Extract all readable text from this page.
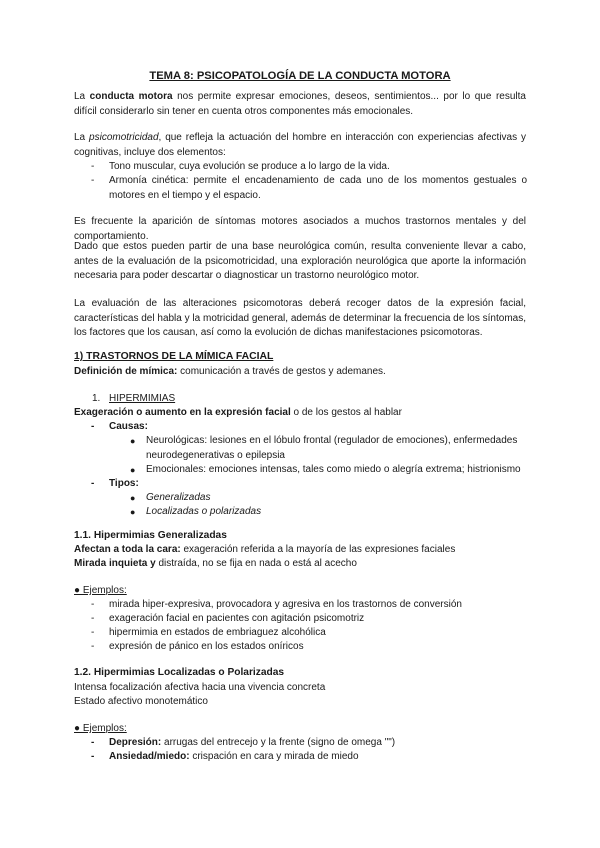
TEMA 8: PSICOPATOLOGÍA DE LA CONDUCTA MOTORA

La conducta motora nos permite expresar emociones, deseos, sentimientos... por lo que resulta difícil considerarlo sin tener en cuenta otros componentes más emocionales.

La psicomotricidad, que refleja la actuación del hombre en interacción con experiencias afectivas y cognitivas, incluye dos elementos:

- Tono muscular, cuya evolución se produce a lo largo de la vida.
- Armonía cinética: permite el encadenamiento de cada uno de los momentos gestuales o motores en el tiempo y el espacio.

Es frecuente la aparición de síntomas motores asociados a muchos trastornos mentales y del comportamiento.

Dado que estos pueden partir de una base neurológica común, resulta conveniente llevar a cabo, antes de la evaluación de la psicomotricidad, una exploración neurológica que aporte la información necesaria para poder descartar o diagnosticar un trastorno neurológico motor.

La evaluación de las alteraciones psicomotoras deberá recoger datos de la expresión facial, características del habla y la motricidad general, además de determinar la frecuencia de los síntomas, los factores que los causan, así como la evolución de dichas manifestaciones psicomotoras.

1) TRASTORNOS DE LA MÍMICA FACIAL
Definición de mímica: comunicación a través de gestos y ademanes.
1. HIPERMIMIAS
Exageración o aumento en la expresión facial o de los gestos al hablar
- Causas:
● Neurológicas: lesiones en el lóbulo frontal (regulador de emociones), enfermedades neurodegenerativas o epilepsia
● Emocionales: emociones intensas, tales como miedo o alegría extrema; histrionismo
- Tipos:
● Generalizadas
● Localizadas o polarizadas
1.1. Hipermimias Generalizadas
Afectan a toda la cara: exageración referida a la mayoría de las expresiones faciales
Mirada inquieta y distraída, no se fija en nada o está al acecho
● Ejemplos:
- mirada hiper-expresiva, provocadora y agresiva en los trastornos de conversión
- exageración facial en pacientes con agitación psicomotriz
- hipermimia en estados de embriaguez alcohólica
- expresión de pánico en los estados oníricos
1.2. Hipermimias Localizadas o Polarizadas
Intensa focalización afectiva hacia una vivencia concreta
Estado afectivo monotemático
● Ejemplos:
- Depresión: arrugas del entrecejo y la frente (signo de omega "")
- Ansiedad/miedo: crispación en cara y mirada de miedo
